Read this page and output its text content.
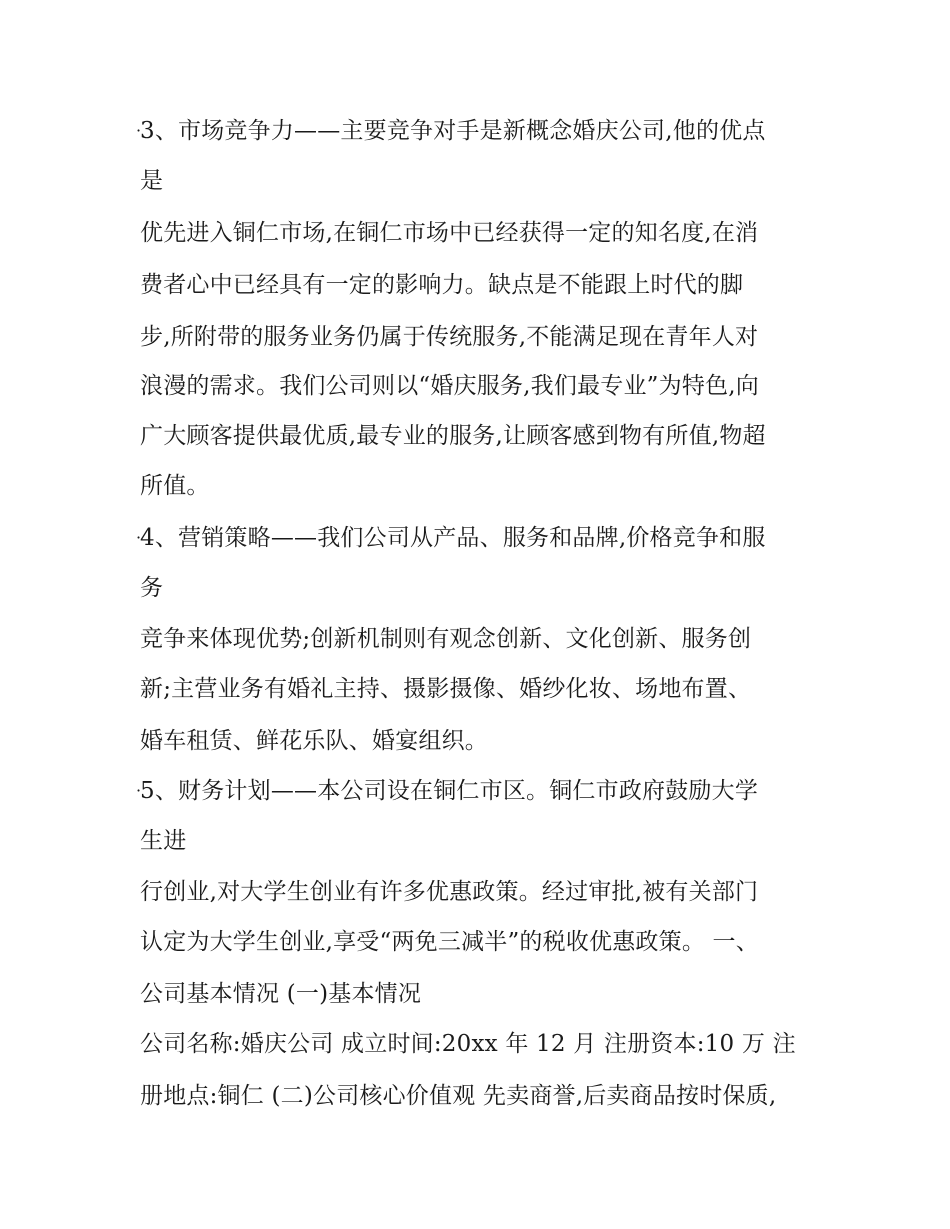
·
3、市场竞争力——主要竞争对手是新概念婚庆公司,他的优点
是
优先进入铜仁市场,在铜仁市场中已经获得一定的知名度,在消
费者心中已经具有一定的影响力。缺点是不能跟上时代的脚
步,所附带的服务业务仍属于传统服务,不能满足现在青年人对
浪漫的需求。我们公司则以“婚庆服务,我们最专业”为特色,向
广大顾客提供最优质,最专业的服务,让顾客感到物有所值,物超
所值。
·
4、营销策略——我们公司从产品、服务和品牌,价格竞争和服
务
竞争来体现优势;创新机制则有观念创新、文化创新、服务创
新;主营业务有婚礼主持、摄影摄像、婚纱化妆、场地布置、
婚车租赁、鲜花乐队、婚宴组织。
·
5、财务计划——本公司设在铜仁市区。铜仁市政府鼓励大学
生进
行创业,对大学生创业有许多优惠政策。经过审批,被有关部门
认定为大学生创业,享受“两免三减半”的税收优惠政策。 一、
公司基本情况 (一)基本情况
公司名称:婚庆公司 成立时间:20xx 年 12 月 注册资本:10 万 注
册地点:铜仁 (二)公司核心价值观 先卖商誉,后卖商品按时保质,
